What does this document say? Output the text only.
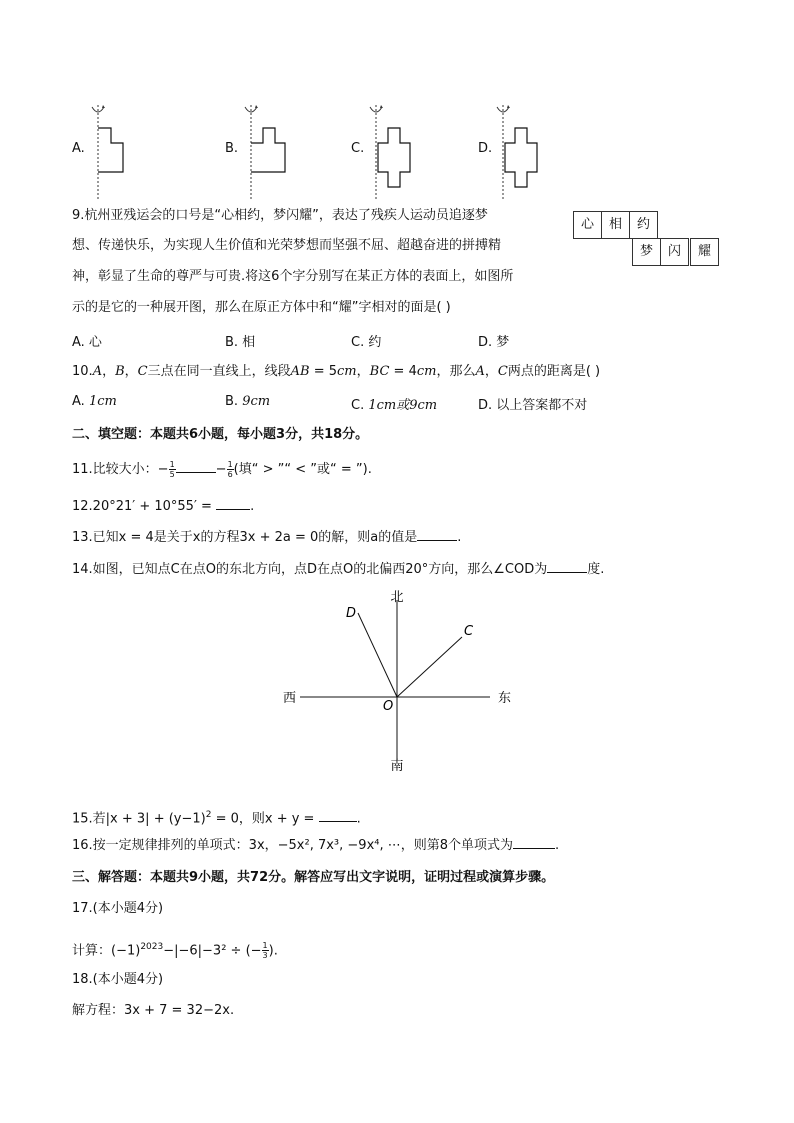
A.	B.	C.	D.
9.杭州亚残运会的口号是“心相约，梦闪耀”，表达了残疾人运动员追逐梦
想、传递快乐，为实现人生价值和光荣梦想而坚强不屈、超越奋进的拼搏精
神，彰显了生命的尊严与可贵.将这6个字分别写在某正方体的表面上，如图所
示的是它的一种展开图，那么在原正方体中和“耀”字相对的面是( )
心	相	约
梦	闪	耀
A. 心	B. 相	C. 约	D. 梦
10.A，B，C三点在同一直线上，线段AB = 5cm，BC = 4cm，那么A，C两点的距离是( )
A. 1cm	B. 9cm	C. 1cm或9cm	D. 以上答案都不对
二、填空题：本题共6小题，每小题3分，共18分。
11.比较大小：− $\frac{1}{5}$	− $\frac{1}{6}$ (填“ > ”“ < ”或“ = ”).
12.20°21′ + 10°55′ =	.
13.已知x = 4是关于x的方程3x + 2a = 0的解，则a的值是	.
14.如图，已知点C在点O的东北方向，点D在点O的北偏西20°方向，那么∠COD为	度.
北
南
西	东
O
C
D
15.若$|x + 3| + (y-1)^2 = 0$，则x + y =	.
16.按一定规律排列的单项式：3x，−5x², 7x³, −9x⁴, ⋯，则第8个单项式为	.
三、解答题：本题共9小题，共72分。解答应写出文字说明，证明过程或演算步骤。
17.(本小题4分)
计算：$(-1)^{2023}-|-6|-3^2$ ÷ (− $\frac{1}{3}$ ).
18.(本小题4分)
解方程：3x + 7 = 32−2x.
